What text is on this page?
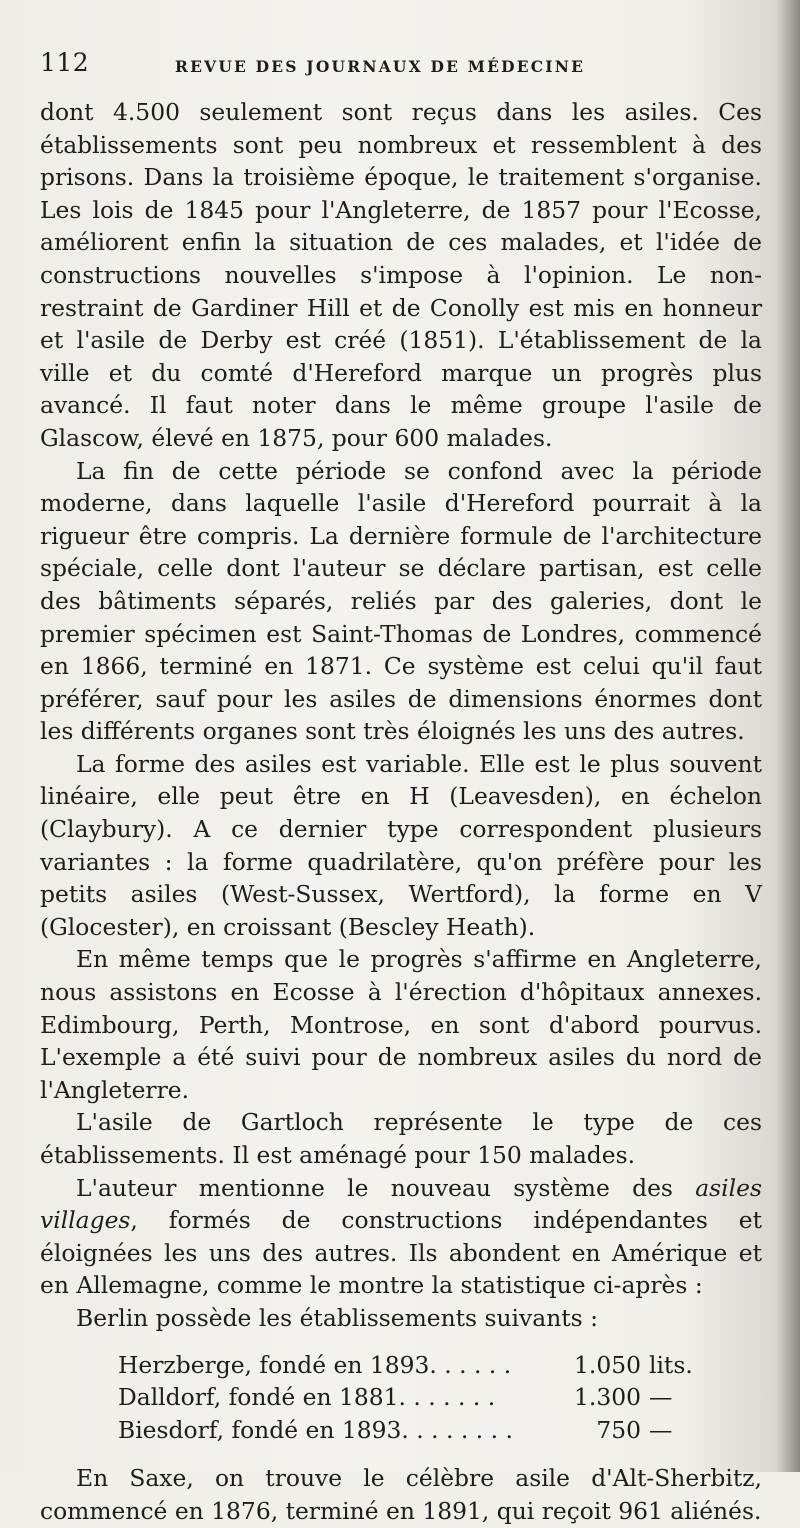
112	REVUE DES JOURNAUX DE MÉDECINE

dont 4.500 seulement sont reçus dans les asiles. Ces établissements sont peu nombreux et ressemblent à des prisons. Dans la troisième époque, le traitement s'organise. Les lois de 1845 pour l'Angleterre, de 1857 pour l'Ecosse, améliorent enfin la situation de ces malades, et l'idée de constructions nouvelles s'impose à l'opinion. Le non-restraint de Gardiner Hill et de Conolly est mis en honneur et l'asile de Derby est créé (1851). L'établissement de la ville et du comté d'Hereford marque un progrès plus avancé. Il faut noter dans le même groupe l'asile de Glascow, élevé en 1875, pour 600 malades.

La fin de cette période se confond avec la période moderne, dans laquelle l'asile d'Hereford pourrait à la rigueur être compris. La dernière formule de l'architecture spéciale, celle dont l'auteur se déclare partisan, est celle des bâtiments séparés, reliés par des galeries, dont le premier spécimen est Saint-Thomas de Londres, commencé en 1866, terminé en 1871. Ce système est celui qu'il faut préférer, sauf pour les asiles de dimensions énormes dont les différents organes sont très éloignés les uns des autres.

La forme des asiles est variable. Elle est le plus souvent linéaire, elle peut être en H (Leavesden), en échelon (Claybury). A ce dernier type correspondent plusieurs variantes : la forme quadrilatère, qu'on préfère pour les petits asiles (West-Sussex, Wertford), la forme en V (Glocester), en croissant (Bescley Heath).

En même temps que le progrès s'affirme en Angleterre, nous assistons en Ecosse à l'érection d'hôpitaux annexes. Edimbourg, Perth, Montrose, en sont d'abord pourvus. L'exemple a été suivi pour de nombreux asiles du nord de l'Angleterre.

L'asile de Gartloch représente le type de ces établissements. Il est aménagé pour 150 malades.

L'auteur mentionne le nouveau système des asiles villages, formés de constructions indépendantes et éloignées les uns des autres. Ils abondent en Amérique et en Allemagne, comme le montre la statistique ci-après :

Berlin possède les établissements suivants :

Herzberge, fondé en 1893. . . . . .	1.050	lits.
Dalldorf, fondé en 1881. . . . . . .	1.300	—
Biesdorf, fondé en 1893. . . . . . . .	750	—

En Saxe, on trouve le célèbre asile d'Alt-Sherbitz, commencé en 1876, terminé en 1891, qui reçoit 961 aliénés.
